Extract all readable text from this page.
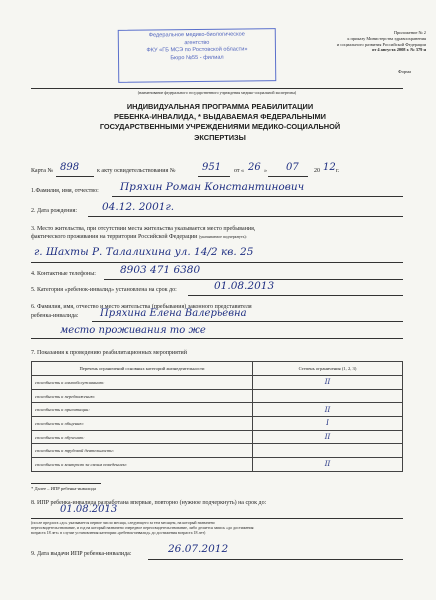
Федеральное медико-биологическое
агентство
ФКУ «ГБ МСЭ по Ростовской области»
Бюро №55 - филиал
Приложение № 2
к приказу Министерства здравоохранения
и социального развития Российской Федерации
от 4 августа 2008 г. № 379 н
Форма
(наименование федерального государственного учреждения медико-социальной экспертизы)
ИНДИВИДУАЛЬНАЯ ПРОГРАММА РЕАБИЛИТАЦИИ
РЕБЕНКА-ИНВАЛИДА, * ВЫДАВАЕМАЯ ФЕДЕРАЛЬНЫМИ
ГОСУДАРСТВЕННЫМИ УЧРЕЖДЕНИЯМИ МЕДИКО-СОЦИАЛЬНОЙ
ЭКСПЕРТИЗЫ
Карта № 898	к акту освидетельствования №	951 от « 26 » 07	20 12 г.
1.Фамилия, имя, отчество: Пряхин Роман Константинович
2. Дата рождения: 04.12. 2001г.
3. Место жительства, при отсутствии места жительства указывается место пребывания,
фактического проживания на территории Российской Федерации (указываемое подчеркнуть):
г. Шахты Р. Талалихина ул. 14/2 кв. 25
4. Контактные телефоны: 8903 471 6380
5. Категория «ребенок-инвалид» установлена на срок до:	01.08.2013
6. Фамилия, имя, отчество и место жительства (пребывания) законного представителя
ребенка-инвалида: Пряхина Елена Валерьевна
место проживания то же
7. Показания к проведению реабилитационных мероприятий
Перечень ограничений основных категорий жизнедеятельности	Степень ограничения (1, 2, 3)
способность к самообслуживанию:	II
способность к передвижению:	
способность к ориентации:	II
способность к общению:	I
способность к обучению:	II
способность к трудовой деятельности:	
способность к контролю за своим поведением:	II
* Далее – ИПР ребенка-инвалида
8. ИПР ребенка-инвалида разработана впервые, повторно (нужное подчеркнуть) на срок до:
01.08.2013
(после предлога «до» указывается первое число месяца, следующего за тем месяцем, на который назначено
переосвидетельствование, и год на который назначено очередное переосвидетельствование, либо делается запись «до достижения
возраста 18 лет» в случае установления категории «ребенок-инвалид» до достижения возраста 18 лет)
9. Дата выдачи ИПР ребенка-инвалида:	26.07.2012
